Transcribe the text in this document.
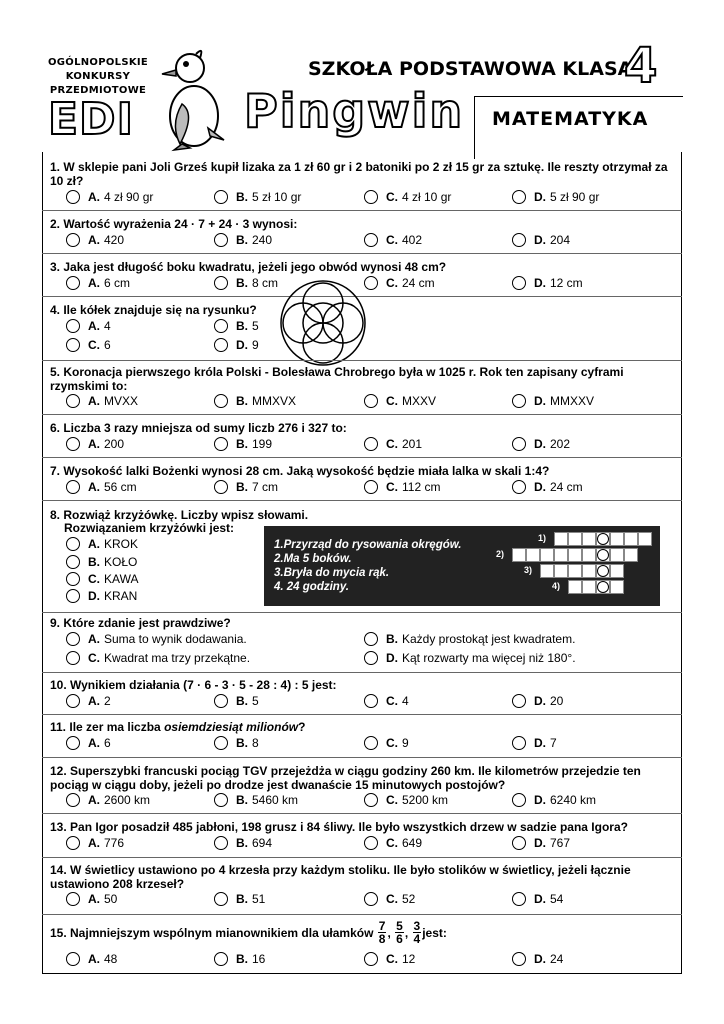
OGÓLNOPOLSKIE
KONKURSY
PRZEDMIOTOWE
EDI Pingwin
SZKOŁA PODSTAWOWA KLASA
4
MATEMATYKA
1. W sklepie pani Joli Grześ kupił lizaka za 1 zł 60 gr i 2 batoniki po 2 zł 15 gr za sztukę. Ile reszty otrzymał za 10 zł?
A. 4 zł 90 gr	B. 5 zł 10 gr	C. 4 zł 10 gr	D. 5 zł 90 gr
2. Wartość wyrażenia 24 · 7 + 24 · 3 wynosi:
A. 420	B. 240	C. 402	D. 204
3. Jaka jest długość boku kwadratu, jeżeli jego obwód wynosi 48 cm?
A. 6 cm	B. 8 cm	C. 24 cm	D. 12 cm
4. Ile kółek znajduje się na rysunku?
A. 4	B. 5
C. 6	D. 9
5. Koronacja pierwszego króla Polski - Bolesława Chrobrego była w 1025 r. Rok ten zapisany cyframi rzymskimi to:
A. MVXX	B. MMXVX	C. MXXV	D. MMXXV
6. Liczba 3 razy mniejsza od sumy liczb 276 i 327 to:
A. 200	B. 199	C. 201	D. 202
7. Wysokość lalki Bożenki wynosi 28 cm. Jaką wysokość będzie miała lalka w skali 1:4?
A. 56 cm	B. 7 cm	C. 112 cm	D. 24 cm
8. Rozwiąż krzyżówkę. Liczby wpisz słowami.
Rozwiązaniem krzyżówki jest:
A. KROK
B. KOŁO
C. KAWA
D. KRAN
1.Przyrząd do rysowania okręgów.
2.Ma 5 boków.
3.Bryła do mycia rąk.
4. 24 godziny.
1)
2)
3)
4)
9. Które zdanie jest prawdziwe?
A. Suma to wynik dodawania.	B. Każdy prostokąt jest kwadratem.
C. Kwadrat ma trzy przekątne.	D. Kąt rozwarty ma więcej niż 180°.
10. Wynikiem działania (7 · 6 - 3 · 5 - 28 : 4) : 5 jest:
A. 2	B. 5	C. 4	D. 20
11. Ile zer ma liczba osiemdziesiąt milionów?
A. 6	B. 8	C. 9	D. 7
12. Superszybki francuski pociąg TGV przejeżdża w ciągu godziny 260 km. Ile kilometrów przejedzie ten pociąg w ciągu doby, jeżeli po drodze jest dwanaście 15 minutowych postojów?
A. 2600 km	B. 5460 km	C. 5200 km	D. 6240 km
13. Pan Igor posadził 485 jabłoni, 198 grusz i 84 śliwy. Ile było wszystkich drzew w sadzie pana Igora?
A. 776	B. 694	C. 649	D. 767
14. W świetlicy ustawiono po 4 krzesła przy każdym stoliku. Ile było stolików w świetlicy, jeżeli łącznie ustawiono 208 krzeseł?
A. 50	B. 51	C. 52	D. 54
15. Najmniejszym wspólnym mianownikiem dla ułamków
$\frac{7}{8}$ ,
$\frac{5}{6}$ ,
$\frac{3}{4}$ jest:
A. 48	B. 16	C. 12	D. 24
